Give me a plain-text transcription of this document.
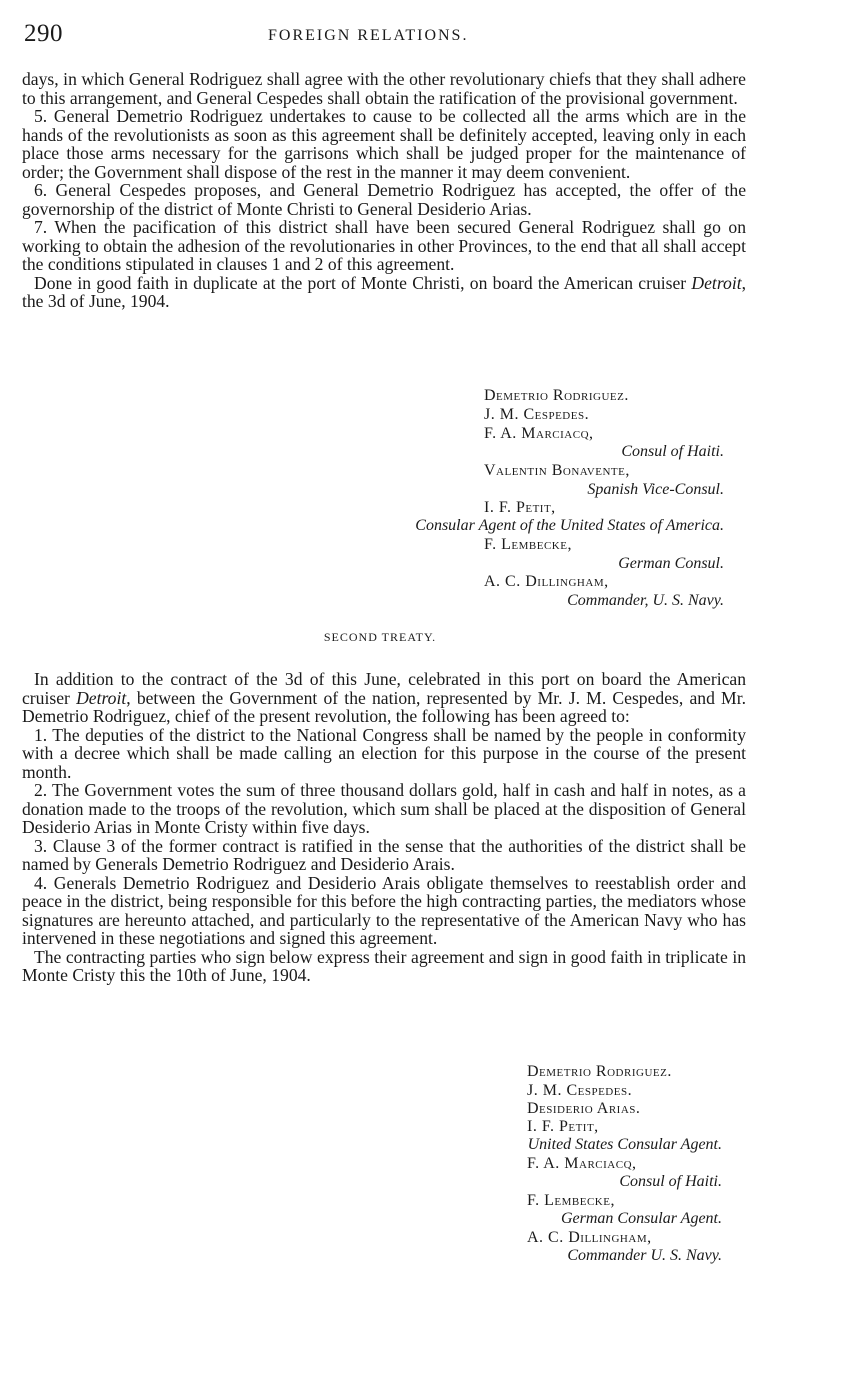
290	FOREIGN RELATIONS.

days, in which General Rodriguez shall agree with the other revolutionary chiefs that they shall adhere to this arrangement, and General Cespedes shall obtain the ratification of the provisional government.

5. General Demetrio Rodriguez undertakes to cause to be collected all the arms which are in the hands of the revolutionists as soon as this agreement shall be definitely accepted, leaving only in each place those arms necessary for the garrisons which shall be judged proper for the maintenance of order; the Government shall dispose of the rest in the manner it may deem convenient.

6. General Cespedes proposes, and General Demetrio Rodriguez has accepted, the offer of the governorship of the district of Monte Christi to General Desiderio Arias.

7. When the pacification of this district shall have been secured General Rodriguez shall go on working to obtain the adhesion of the revolutionaries in other Provinces, to the end that all shall accept the conditions stipulated in clauses 1 and 2 of this agreement.

Done in good faith in duplicate at the port of Monte Christi, on board the American cruiser Detroit, the 3d of June, 1904.

Demetrio Rodriguez.
J. M. Cespedes.
F. A. Marciacq,
Consul of Haiti.
Valentin Bonavente,
Spanish Vice-Consul.
I. F. Petit,
Consular Agent of the United States of America.
F. Lembecke,
German Consul.
A. C. Dillingham,
Commander, U. S. Navy.
SECOND TREATY.

In addition to the contract of the 3d of this June, celebrated in this port on board the American cruiser Detroit, between the Government of the nation, represented by Mr. J. M. Cespedes, and Mr. Demetrio Rodriguez, chief of the present revolution, the following has been agreed to:

1. The deputies of the district to the National Congress shall be named by the people in conformity with a decree which shall be made calling an election for this purpose in the course of the present month.

2. The Government votes the sum of three thousand dollars gold, half in cash and half in notes, as a donation made to the troops of the revolution, which sum shall be placed at the disposition of General Desiderio Arias in Monte Cristy within five days.

3. Clause 3 of the former contract is ratified in the sense that the authorities of the district shall be named by Generals Demetrio Rodriguez and Desiderio Arais.

4. Generals Demetrio Rodriguez and Desiderio Arais obligate themselves to reestablish order and peace in the district, being responsible for this before the high contracting parties, the mediators whose signatures are hereunto attached, and particularly to the representative of the American Navy who has intervened in these negotiations and signed this agreement.

The contracting parties who sign below express their agreement and sign in good faith in triplicate in Monte Cristy this the 10th of June, 1904.

Demetrio Rodriguez.
J. M. Cespedes.
Desiderio Arias.
I. F. Petit,
United States Consular Agent.
F. A. Marciacq,
Consul of Haiti.
F. Lembecke,
German Consular Agent.
A. C. Dillingham,
Commander U. S. Navy.
